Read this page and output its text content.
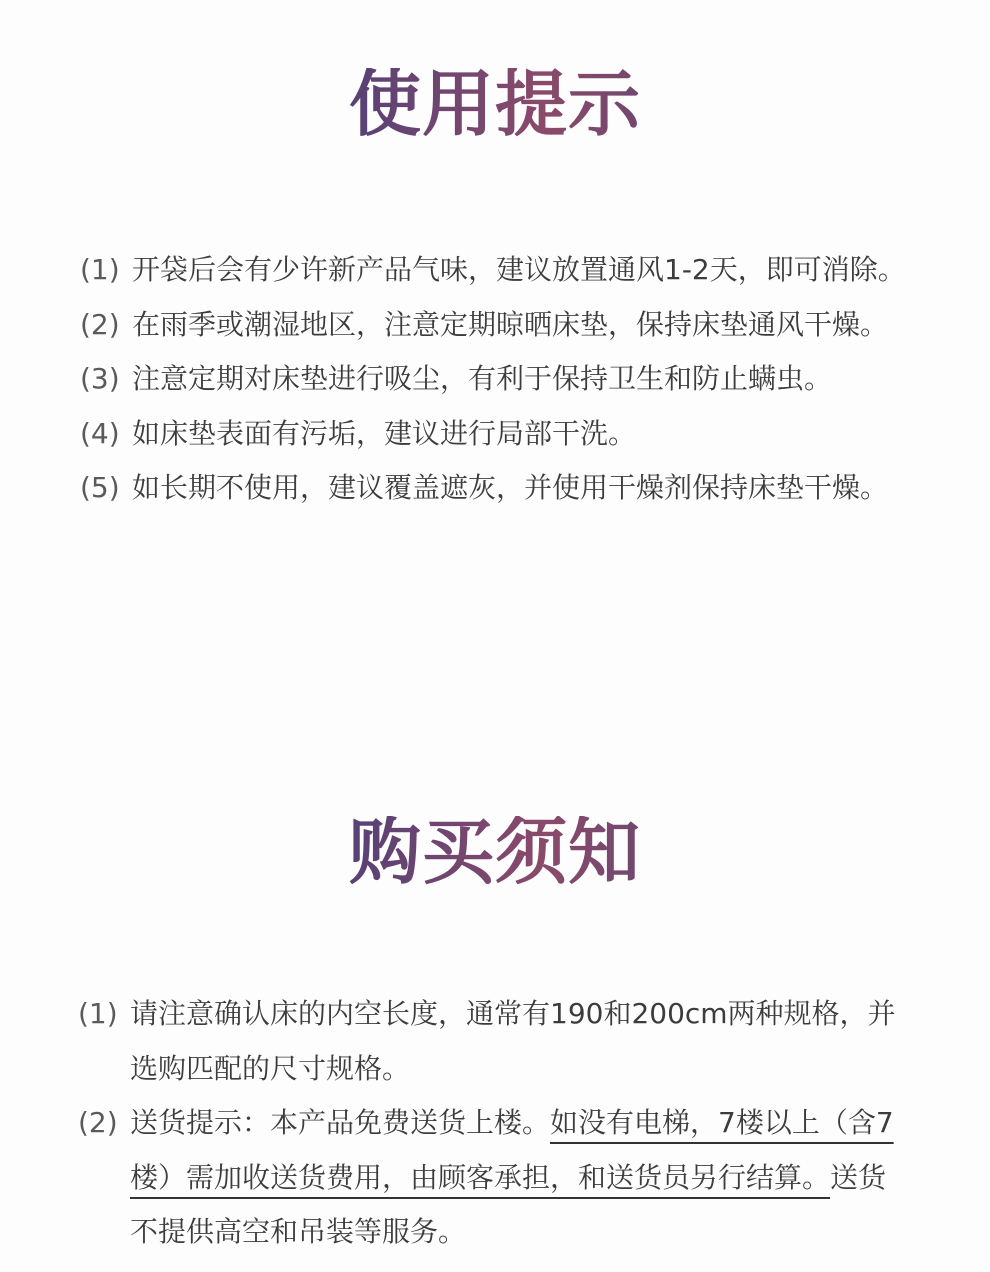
使用提示
(1) 开袋后会有少许新产品气味，建议放置通风1-2天，即可消除。
(2) 在雨季或潮湿地区，注意定期晾晒床垫，保持床垫通风干燥。
(3) 注意定期对床垫进行吸尘，有利于保持卫生和防止螨虫。
(4) 如床垫表面有污垢，建议进行局部干洗。
(5) 如长期不使用，建议覆盖遮灰，并使用干燥剂保持床垫干燥。
购买须知
(1) 请注意确认床的内空长度，通常有190和200cm两种规格，并选购匹配的尺寸规格。
(2) 送货提示：本产品免费送货上楼。如没有电梯，7楼以上（含7楼）需加收送货费用，由顾客承担，和送货员另行结算。送货不提供高空和吊装等服务。
